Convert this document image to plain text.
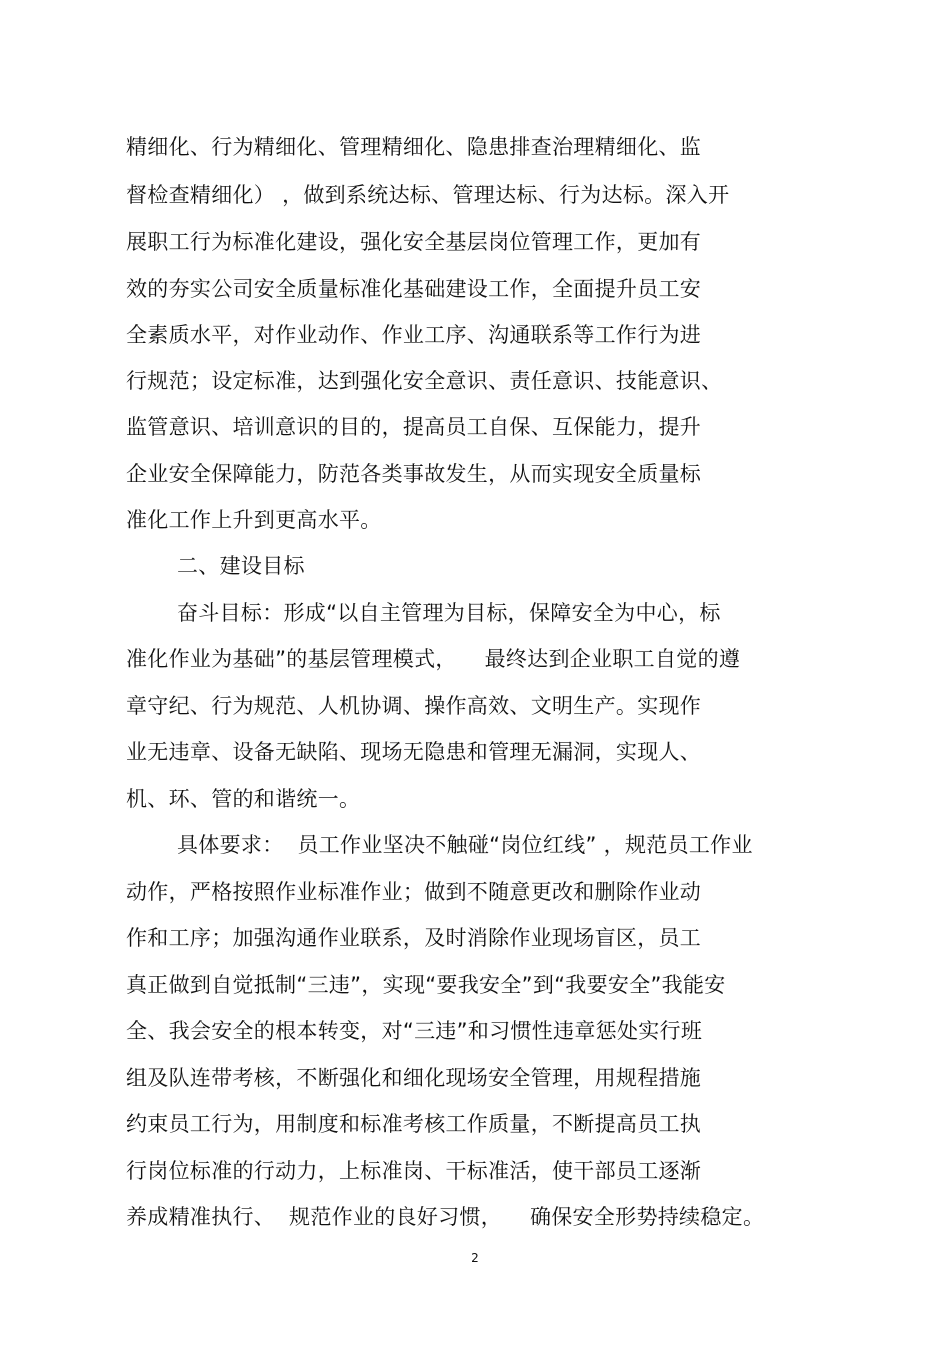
精细化、行为精细化、管理精细化、隐患排查治理精细化、监
督检查精细化） ，做到系统达标、管理达标、行为达标。深入开
展职工行为标准化建设，强化安全基层岗位管理工作，更加有
效的夯实公司安全质量标准化基础建设工作，全面提升员工安
全素质水平，对作业动作、作业工序、沟通联系等工作行为进
行规范；设定标准，达到强化安全意识、责任意识、技能意识、
监管意识、培训意识的目的，提高员工自保、互保能力，提升
企业安全保障能力，防范各类事故发生，从而实现安全质量标
准化工作上升到更高水平。
二、建设目标
奋斗目标：形成“以自主管理为目标，保障安全为中心，标
准化作业为基础”的基层管理模式，    最终达到企业职工自觉的遵
章守纪、行为规范、人机协调、操作高效、文明生产。实现作
业无违章、设备无缺陷、现场无隐患和管理无漏洞，实现人、
机、环、管的和谐统一。
具体要求：  员工作业坚决不触碰“岗位红线” ，规范员工作业
动作，严格按照作业标准作业；做到不随意更改和删除作业动
作和工序；加强沟通作业联系，及时消除作业现场盲区，员工
真正做到自觉抵制“三违”，实现“要我安全”到“我要安全”我能安
全、我会安全的根本转变，对“三违”和习惯性违章惩处实行班
组及队连带考核，不断强化和细化现场安全管理，用规程措施
约束员工行为，用制度和标准考核工作质量，不断提高员工执
行岗位标准的行动力，上标准岗、干标准活，使干部员工逐渐
养成精准执行、  规范作业的良好习惯，    确保安全形势持续稳定。
2
